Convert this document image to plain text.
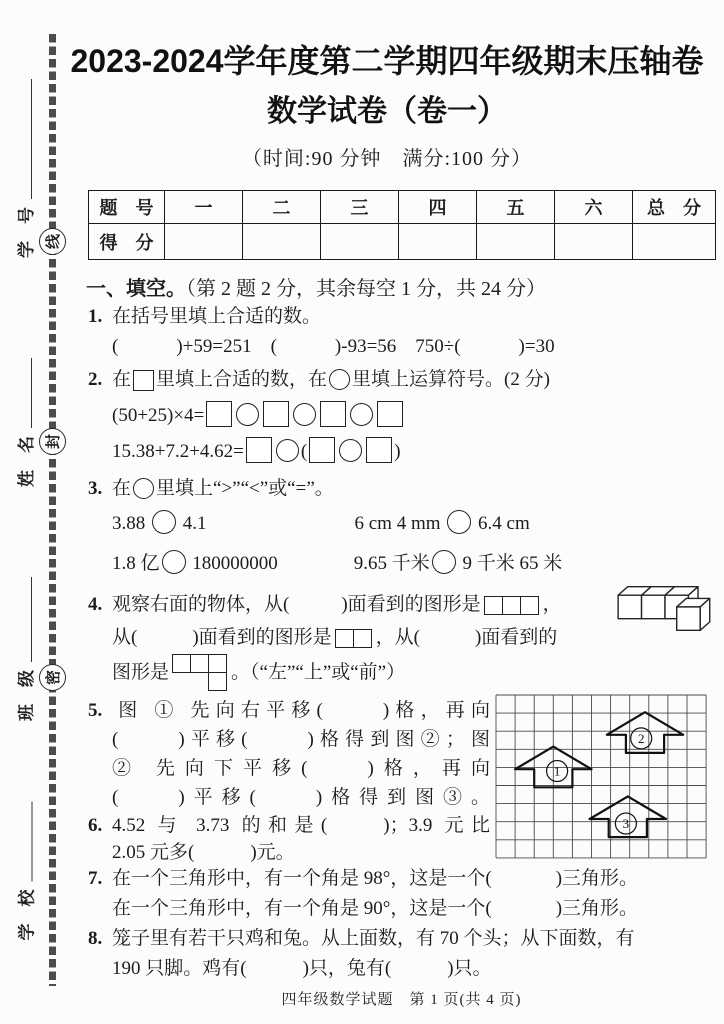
学　号
姓　名
班　级
学　校
线
封
密
2023-2024学年度第二学期四年级期末压轴卷
数学试卷（卷一）
（时间:90 分钟　满分:100 分）
题　号	一	二	三	四	五	六	总　分
得　分							
一、填空。（第 2 题 2 分，其余每空 1 分，共 24 分）
1. 在括号里填上合适的数。
(	)+59=251　(	)-93=56　750÷(	)=30
2. 在 里填上合适的数，在 里填上运算符号。(2 分)
(50+25)×4=
15.38+7.2+4.62=	(	)
3. 在 里填上“>”“<”或“=”。
3.88  4.1	6 cm 4 mm  6.4 cm
1.8 亿 180000000	9.65 千米 9 千米 65 米
4. 观察右面的物体，从(	)面看到的图形是	，
从(	)面看到的图形是 ，从(	)面看到的
图形是	。（“左”“上”或“前”）
5. 图 ① 先向右平移(	)格，再向
(	)平移(	)格得到图②；图
② 先向下平移(	)格，再向
(	)平移(	)格得到图③。
6. 4.52 与 3.73 的和是(	)；3.9 元比
2.05 元多(	)元。
7. 在一个三角形中，有一个角是 98°，这是一个(	)三角形。
在一个三角形中，有一个角是 90°，这是一个(	)三角形。
8. 笼子里有若干只鸡和兔。从上面数，有 70 个头；从下面数，有
190 只脚。鸡有(	)只，兔有(	)只。
1
2
3
四年级数学试题　第 1 页(共 4 页)
